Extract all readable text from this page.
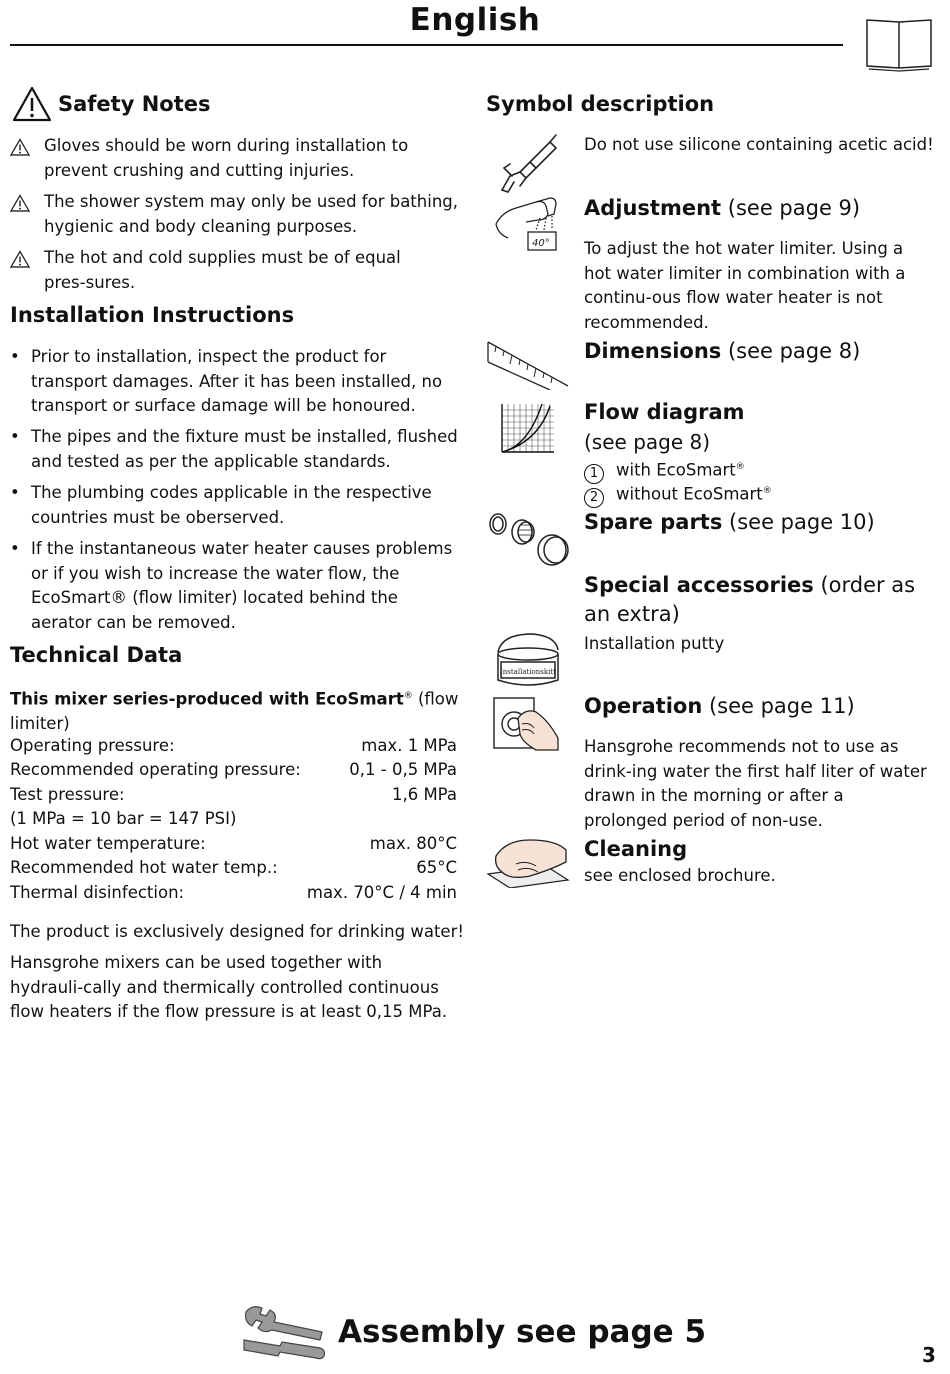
English
Safety Notes
Gloves should be worn during installation to prevent crushing and cutting injuries.
The shower system may only be used for bathing, hygienic and body cleaning purposes.
The hot and cold supplies must be of equal pres-sures.
Installation Instructions
• Prior to installation, inspect the product for transport damages. After it has been installed, no transport or surface damage will be honoured.
• The pipes and the fixture must be installed, flushed and tested as per the applicable standards.
• The plumbing codes applicable in the respective countries must be oberserved.
• If the instantaneous water heater causes problems or if you wish to increase the water flow, the EcoSmart® (flow limiter) located behind the aerator can be removed.
Technical Data
This mixer series-produced with EcoSmart® (flow limiter)
Operating pressure:	max. 1 MPa
Recommended operating pressure:	0,1 - 0,5 MPa
Test pressure:	1,6 MPa
(1 MPa = 10 bar = 147 PSI)
Hot water temperature:	max. 80°C
Recommended hot water temp.:	65°C
Thermal disinfection:	max. 70°C / 4 min
The product is exclusively designed for drinking water!
Hansgrohe mixers can be used together with hydrauli-cally and thermically controlled continuous flow heaters if the flow pressure is at least 0,15 MPa.
Symbol description
Do not use silicone containing acetic acid!
40°
Adjustment (see page 9)
To adjust the hot water limiter. Using a hot water limiter in combination with a continu-ous flow water heater is not recommended.
Dimensions (see page 8)
Flow diagram
(see page 8)
1 with EcoSmart®
2 without EcoSmart®
Spare parts (see page 10)
Special accessories (order as an extra)
Installationskitt
Installation putty
Operation (see page 11)
Hansgrohe recommends not to use as drink-ing water the first half liter of water drawn in the morning or after a prolonged period of non-use.
Cleaning
see enclosed brochure.
Assembly see page 5
3
